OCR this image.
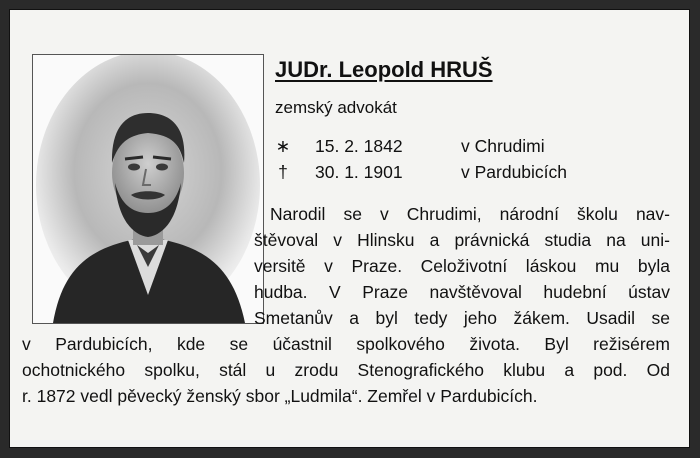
JUDr. Leopold HRUŠ
zemský advokát
∗ 15. 2. 1842	v Chrudimi
† 30. 1. 1901	v Pardubicích
Narodil se v Chrudimi, národní školu nav-
štěvoval v Hlinsku a právnická studia na uni-
versitě v Praze. Celoživotní láskou mu byla
hudba. V Praze navštěvoval hudební ústav
Smetanův a byl tedy jeho žákem. Usadil se
v Pardubicích, kde se účastnil spolkového života. Byl režisérem
ochotnického spolku, stál u zrodu Stenografického klubu a pod. Od
r. 1872 vedl pěvecký ženský sbor „Ludmila“. Zemřel v Pardubicích.
